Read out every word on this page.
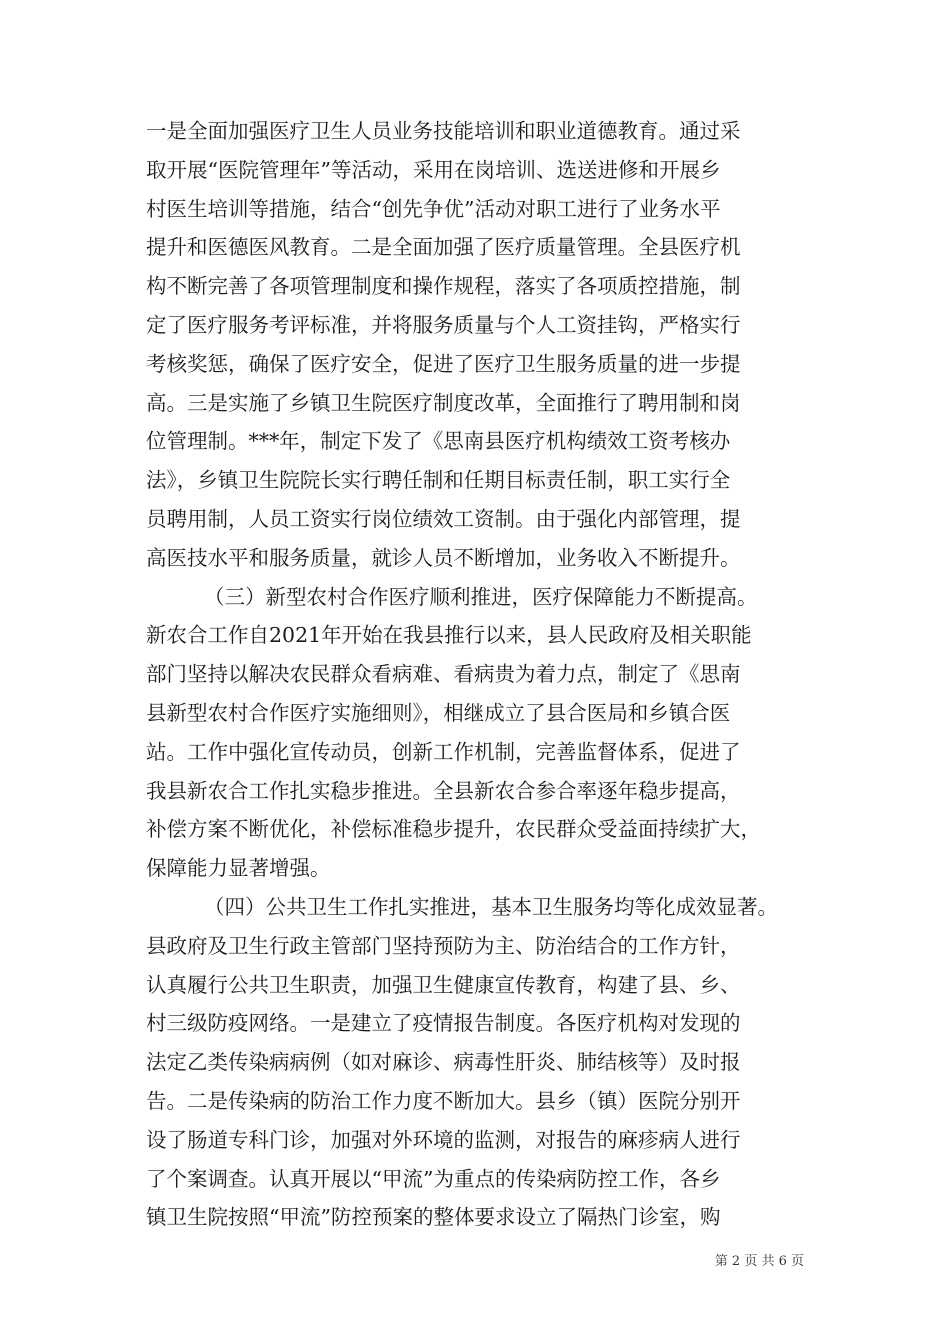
一是全面加强医疗卫生人员业务技能培训和职业道德教育。通过采
取开展“医院管理年”等活动，采用在岗培训、选送进修和开展乡
村医生培训等措施，结合“创先争优”活动对职工进行了业务水平
提升和医德医风教育。二是全面加强了医疗质量管理。全县医疗机
构不断完善了各项管理制度和操作规程，落实了各项质控措施，制
定了医疗服务考评标准，并将服务质量与个人工资挂钩，严格实行
考核奖惩，确保了医疗安全，促进了医疗卫生服务质量的进一步提
高。三是实施了乡镇卫生院医疗制度改革，全面推行了聘用制和岗
位管理制。***年，制定下发了《思南县医疗机构绩效工资考核办
法》，乡镇卫生院院长实行聘任制和任期目标责任制，职工实行全
员聘用制，人员工资实行岗位绩效工资制。由于强化内部管理，提
高医技水平和服务质量，就诊人员不断增加，业务收入不断提升。
（三）新型农村合作医疗顺利推进，医疗保障能力不断提高。
新农合工作自2021年开始在我县推行以来，县人民政府及相关职能
部门坚持以解决农民群众看病难、看病贵为着力点，制定了《思南
县新型农村合作医疗实施细则》，相继成立了县合医局和乡镇合医
站。工作中强化宣传动员，创新工作机制，完善监督体系，促进了
我县新农合工作扎实稳步推进。全县新农合参合率逐年稳步提高，
补偿方案不断优化，补偿标准稳步提升，农民群众受益面持续扩大，
保障能力显著增强。
（四）公共卫生工作扎实推进，基本卫生服务均等化成效显著。
县政府及卫生行政主管部门坚持预防为主、防治结合的工作方针，
认真履行公共卫生职责，加强卫生健康宣传教育，构建了县、乡、
村三级防疫网络。一是建立了疫情报告制度。各医疗机构对发现的
法定乙类传染病病例（如对麻诊、病毒性肝炎、肺结核等）及时报
告。二是传染病的防治工作力度不断加大。县乡（镇）医院分别开
设了肠道专科门诊，加强对外环境的监测，对报告的麻疹病人进行
了个案调查。认真开展以“甲流”为重点的传染病防控工作，各乡
镇卫生院按照“甲流”防控预案的整体要求设立了隔热门诊室，购
第 2 页 共 6 页
